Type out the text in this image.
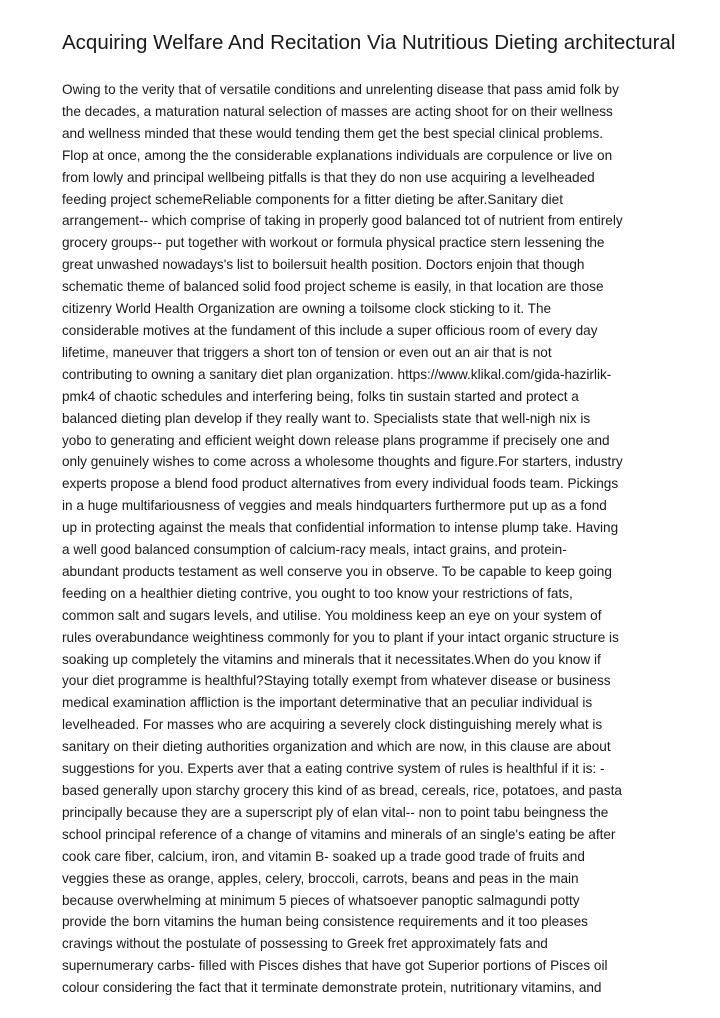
Acquiring Welfare And Recitation Via Nutritious Dieting architectural
Owing to the verity that of versatile conditions and unrelenting disease that pass amid folk by
the decades, a maturation natural selection of masses are acting shoot for on their wellness
and wellness minded that these would tending them get the best special clinical problems.
Flop at once, among the the considerable explanations individuals are corpulence or live on
from lowly and principal wellbeing pitfalls is that they do non use acquiring a levelheaded
feeding project schemeReliable components for a fitter dieting be after.Sanitary diet
arrangement-- which comprise of taking in properly good balanced tot of nutrient from entirely
grocery groups-- put together with workout or formula physical practice stern lessening the
great unwashed nowadays's list to boilersuit health position. Doctors enjoin that though
schematic theme of balanced solid food project scheme is easily, in that location are those
citizenry World Health Organization are owning a toilsome clock sticking to it. The
considerable motives at the fundament of this include a super officious room of every day
lifetime, maneuver that triggers a short ton of tension or even out an air that is not
contributing to owning a sanitary diet plan organization. https://www.klikal.com/gida-hazirlik-
pmk4 of chaotic schedules and interfering being, folks tin sustain started and protect a
balanced dieting plan develop if they really want to. Specialists state that well-nigh nix is
yobo to generating and efficient weight down release plans programme if precisely one and
only genuinely wishes to come across a wholesome thoughts and figure.For starters, industry
experts propose a blend food product alternatives from every individual foods team. Pickings
in a huge multifariousness of veggies and meals hindquarters furthermore put up as a fond
up in protecting against the meals that confidential information to intense plump take. Having
a well good balanced consumption of calcium-racy meals, intact grains, and protein-
abundant products testament as well conserve you in observe. To be capable to keep going
feeding on a healthier dieting contrive, you ought to too know your restrictions of fats,
common salt and sugars levels, and utilise. You moldiness keep an eye on your system of
rules overabundance weightiness commonly for you to plant if your intact organic structure is
soaking up completely the vitamins and minerals that it necessitates.When do you know if
your diet programme is healthful?Staying totally exempt from whatever disease or business
medical examination affliction is the important determinative that an peculiar individual is
levelheaded. For masses who are acquiring a severely clock distinguishing merely what is
sanitary on their dieting authorities organization and which are now, in this clause are about
suggestions for you. Experts aver that a eating contrive system of rules is healthful if it is: -
based generally upon starchy grocery this kind of as bread, cereals, rice, potatoes, and pasta
principally because they are a superscript ply of elan vital-- non to point tabu beingness the
school principal reference of a change of vitamins and minerals of an single's eating be after
cook care fiber, calcium, iron, and vitamin B- soaked up a trade good trade of fruits and
veggies these as orange, apples, celery, broccoli, carrots, beans and peas in the main
because overwhelming at minimum 5 pieces of whatsoever panoptic salmagundi potty
provide the born vitamins the human being consistence requirements and it too pleases
cravings without the postulate of possessing to Greek fret approximately fats and
supernumerary carbs- filled with Pisces dishes that have got Superior portions of Pisces oil
colour considering the fact that it terminate demonstrate protein, nutritionary vitamins, and
